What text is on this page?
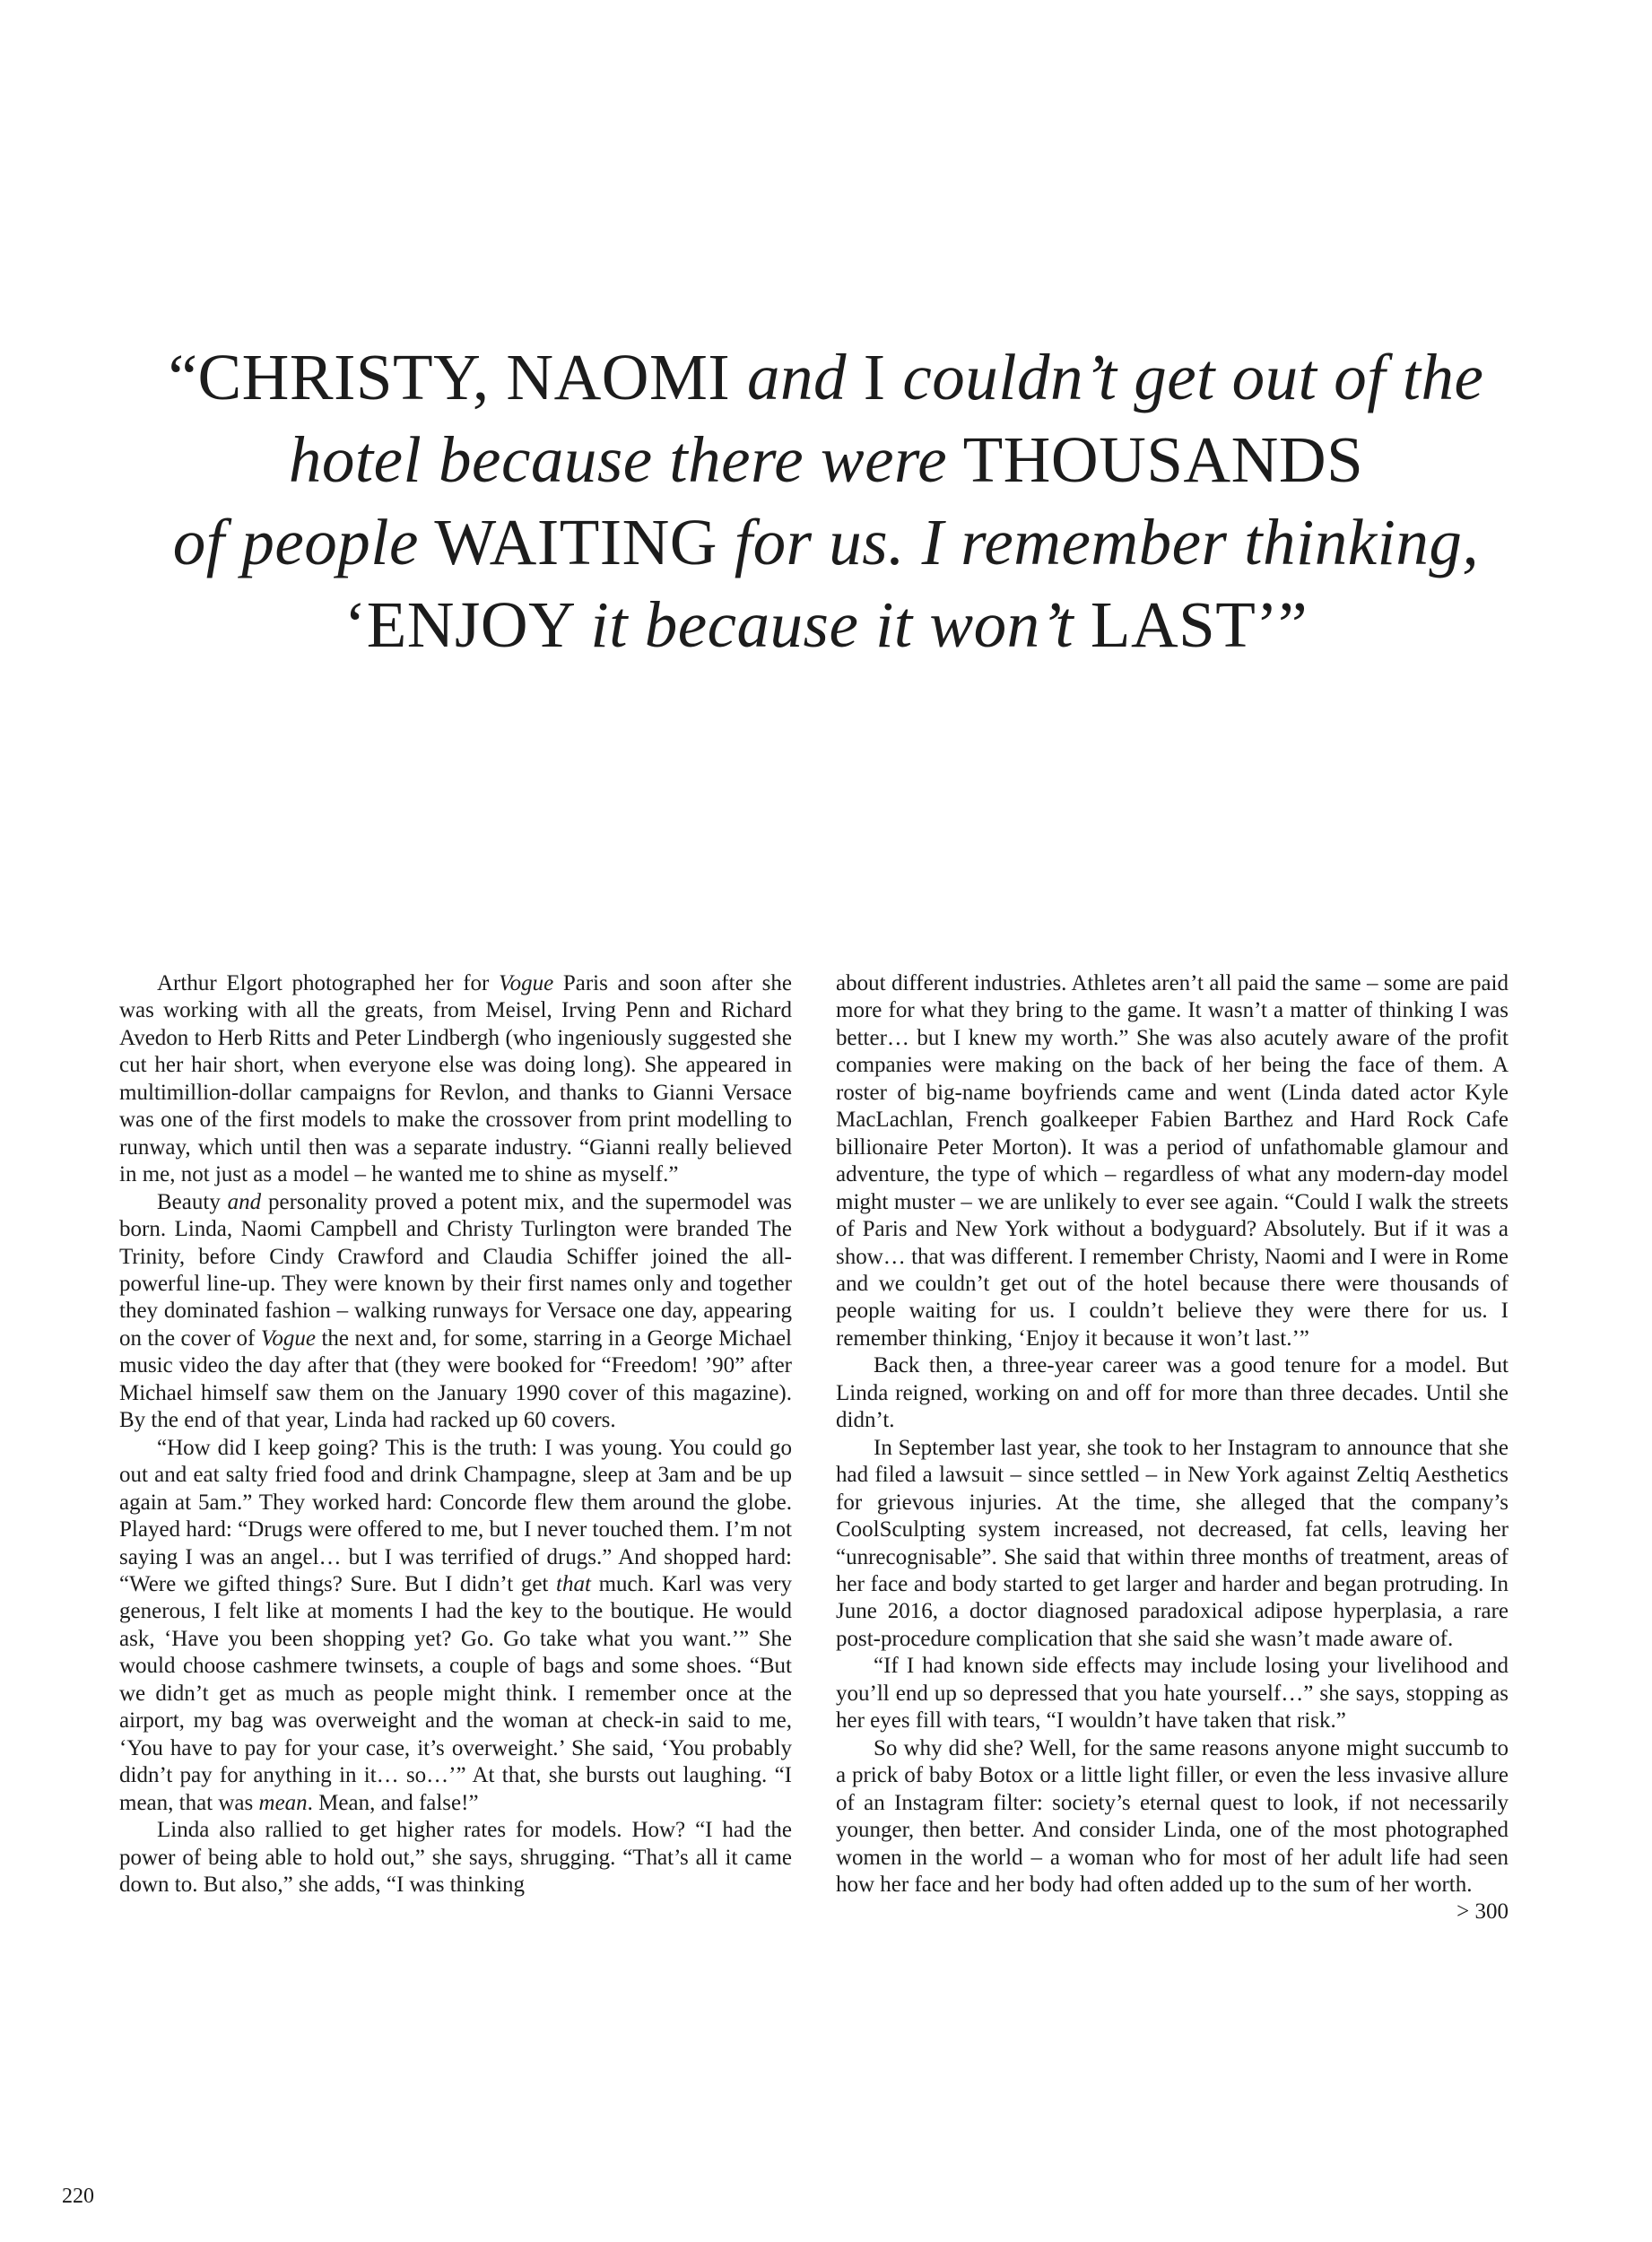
“CHRISTY, NAOMI and I couldn’t get out of the
hotel because there were THOUSANDS
of people WAITING for us. I remember thinking,
‘ENJOY it because it won’t LAST’”

Arthur Elgort photographed her for Vogue Paris and soon after she was working with all the greats, from Meisel, Irving Penn and Richard Avedon to Herb Ritts and Peter Lindbergh (who ingeniously suggested she cut her hair short, when everyone else was doing long). She appeared in multimillion-dollar campaigns for Revlon, and thanks to Gianni Versace was one of the first models to make the crossover from print modelling to runway, which until then was a separate industry. “Gianni really believed in me, not just as a model – he wanted me to shine as myself.”

Beauty and personality proved a potent mix, and the supermodel was born. Linda, Naomi Campbell and Christy Turlington were branded The Trinity, before Cindy Crawford and Claudia Schiffer joined the all-powerful line-up. They were known by their first names only and together they dominated fashion – walking runways for Versace one day, appearing on the cover of Vogue the next and, for some, starring in a George Michael music video the day after that (they were booked for “Freedom! ’90” after Michael himself saw them on the January 1990 cover of this magazine). By the end of that year, Linda had racked up 60 covers.

“How did I keep going? This is the truth: I was young. You could go out and eat salty fried food and drink Champagne, sleep at 3am and be up again at 5am.” They worked hard: Concorde flew them around the globe. Played hard: “Drugs were offered to me, but I never touched them. I’m not saying I was an angel… but I was terrified of drugs.” And shopped hard: “Were we gifted things? Sure. But I didn’t get that much. Karl was very generous, I felt like at moments I had the key to the boutique. He would ask, ‘Have you been shopping yet? Go. Go take what you want.’” She would choose cashmere twinsets, a couple of bags and some shoes. “But we didn’t get as much as people might think. I remember once at the airport, my bag was overweight and the woman at check-in said to me, ‘You have to pay for your case, it’s overweight.’ She said, ‘You probably didn’t pay for anything in it… so…’” At that, she bursts out laughing. “I mean, that was mean. Mean, and false!”

Linda also rallied to get higher rates for models. How? “I had the power of being able to hold out,” she says, shrugging. “That’s all it came down to. But also,” she adds, “I was thinking

about different industries. Athletes aren’t all paid the same – some are paid more for what they bring to the game. It wasn’t a matter of thinking I was better… but I knew my worth.” She was also acutely aware of the profit companies were making on the back of her being the face of them. A roster of big-name boyfriends came and went (Linda dated actor Kyle MacLachlan, French goalkeeper Fabien Barthez and Hard Rock Cafe billionaire Peter Morton). It was a period of unfathomable glamour and adventure, the type of which – regardless of what any modern-day model might muster – we are unlikely to ever see again. “Could I walk the streets of Paris and New York without a bodyguard? Absolutely. But if it was a show… that was different. I remember Christy, Naomi and I were in Rome and we couldn’t get out of the hotel because there were thousands of people waiting for us. I couldn’t believe they were there for us. I remember thinking, ‘Enjoy it because it won’t last.’”

Back then, a three-year career was a good tenure for a model. But Linda reigned, working on and off for more than three decades. Until she didn’t.

In September last year, she took to her Instagram to announce that she had filed a lawsuit – since settled – in New York against Zeltiq Aesthetics for grievous injuries. At the time, she alleged that the company’s CoolSculpting system increased, not decreased, fat cells, leaving her “unrecognisable”. She said that within three months of treatment, areas of her face and body started to get larger and harder and began protruding. In June 2016, a doctor diagnosed paradoxical adipose hyperplasia, a rare post-procedure complication that she said she wasn’t made aware of.

“If I had known side effects may include losing your livelihood and you’ll end up so depressed that you hate yourself…” she says, stopping as her eyes fill with tears, “I wouldn’t have taken that risk.”

So why did she? Well, for the same reasons anyone might succumb to a prick of baby Botox or a little light filler, or even the less invasive allure of an Instagram filter: society’s eternal quest to look, if not necessarily younger, then better. And consider Linda, one of the most photographed women in the world – a woman who for most of her adult life had seen how her face and her body had often added up to the sum of her worth.
> 300

220
